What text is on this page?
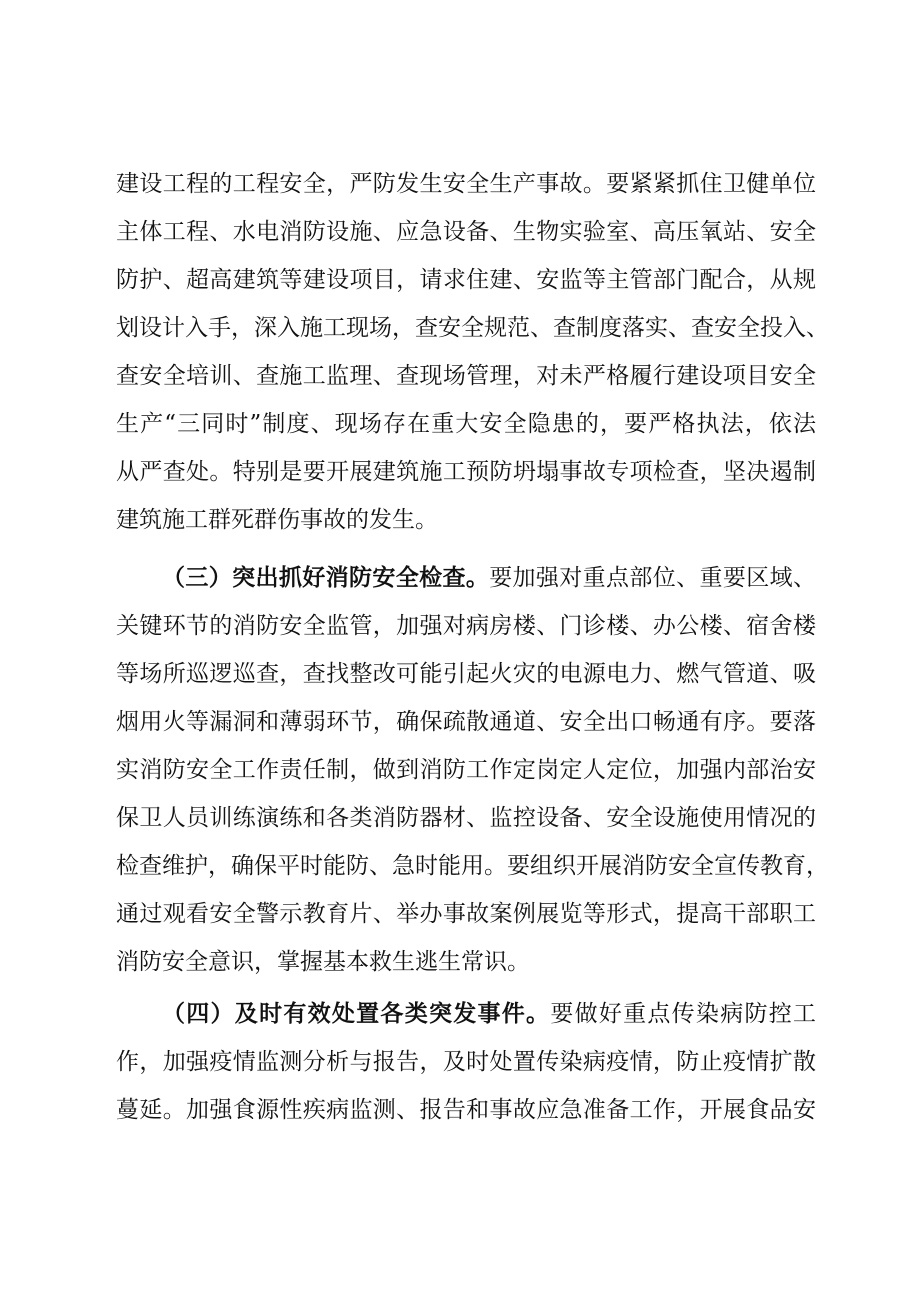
建设工程的工程安全，严防发生安全生产事故。要紧紧抓住卫健单位
主体工程、水电消防设施、应急设备、生物实验室、高压氧站、安全
防护、超高建筑等建设项目，请求住建、安监等主管部门配合，从规
划设计入手，深入施工现场，查安全规范、查制度落实、查安全投入、
查安全培训、查施工监理、查现场管理，对未严格履行建设项目安全
生产“三同时”制度、现场存在重大安全隐患的，要严格执法，依法
从严查处。特别是要开展建筑施工预防坍塌事故专项检查，坚决遏制
建筑施工群死群伤事故的发生。
（三）突出抓好消防安全检查。要加强对重点部位、重要区域、
关键环节的消防安全监管，加强对病房楼、门诊楼、办公楼、宿舍楼
等场所巡逻巡查，查找整改可能引起火灾的电源电力、燃气管道、吸
烟用火等漏洞和薄弱环节，确保疏散通道、安全出口畅通有序。要落
实消防安全工作责任制，做到消防工作定岗定人定位，加强内部治安
保卫人员训练演练和各类消防器材、监控设备、安全设施使用情况的
检查维护，确保平时能防、急时能用。要组织开展消防安全宣传教育，
通过观看安全警示教育片、举办事故案例展览等形式，提高干部职工
消防安全意识，掌握基本救生逃生常识。
（四）及时有效处置各类突发事件。要做好重点传染病防控工
作，加强疫情监测分析与报告，及时处置传染病疫情，防止疫情扩散
蔓延。加强食源性疾病监测、报告和事故应急准备工作，开展食品安
